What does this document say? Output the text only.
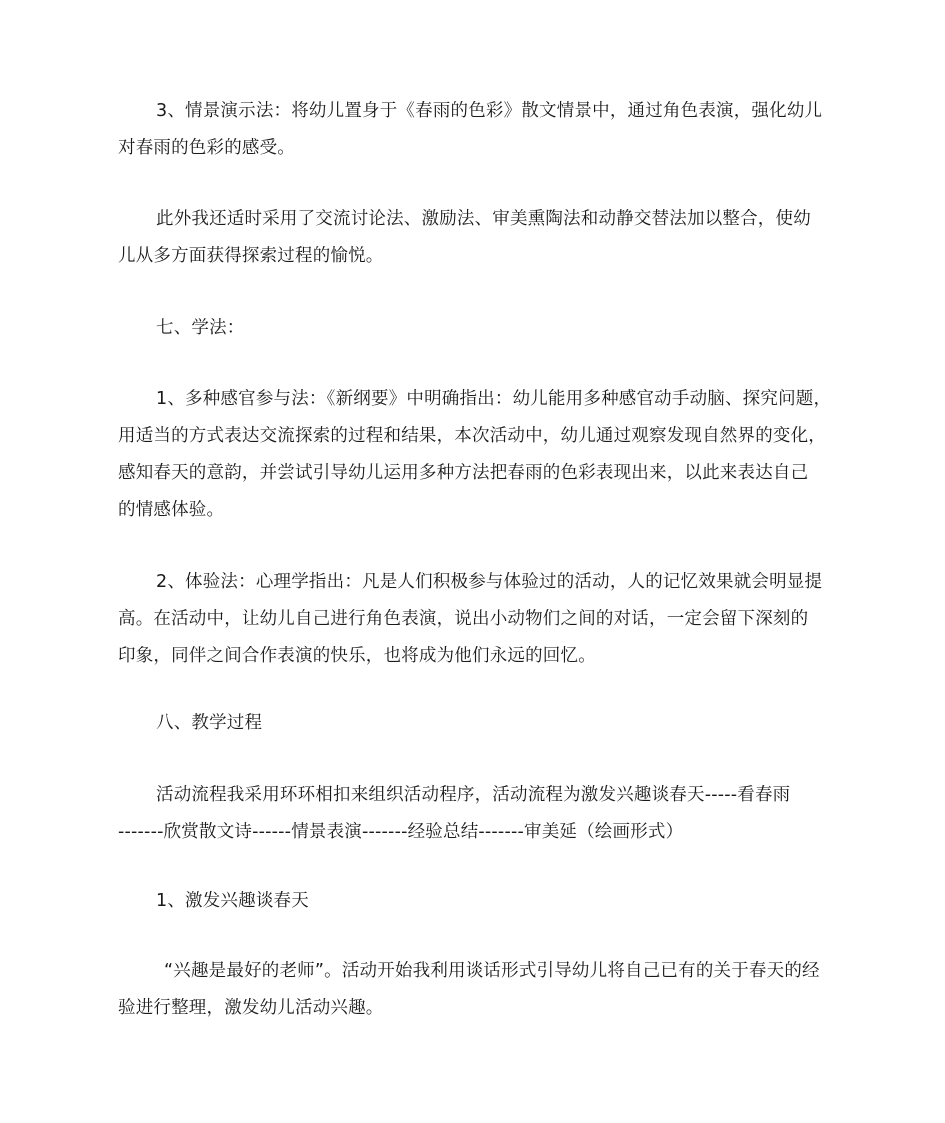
3、情景演示法：将幼儿置身于《春雨的色彩》散文情景中，通过角色表演，强化幼儿
对春雨的色彩的感受。

此外我还适时采用了交流讨论法、激励法、审美熏陶法和动静交替法加以整合，使幼
儿从多方面获得探索过程的愉悦。

七、学法：

1、多种感官参与法：《新纲要》中明确指出：幼儿能用多种感官动手动脑、探究问题，
用适当的方式表达交流探索的过程和结果，本次活动中，幼儿通过观察发现自然界的变化，
感知春天的意韵，并尝试引导幼儿运用多种方法把春雨的色彩表现出来，以此来表达自己
的情感体验。

2、体验法：心理学指出：凡是人们积极参与体验过的活动，人的记忆效果就会明显提
高。在活动中，让幼儿自己进行角色表演，说出小动物们之间的对话，一定会留下深刻的
印象，同伴之间合作表演的快乐，也将成为他们永远的回忆。

八、教学过程

活动流程我采用环环相扣来组织活动程序，活动流程为激发兴趣谈春天-----看春雨
-------欣赏散文诗------情景表演-------经验总结-------审美延（绘画形式）

1、激发兴趣谈春天

“兴趣是最好的老师”。活动开始我利用谈话形式引导幼儿将自己已有的关于春天的经
验进行整理，激发幼儿活动兴趣。
